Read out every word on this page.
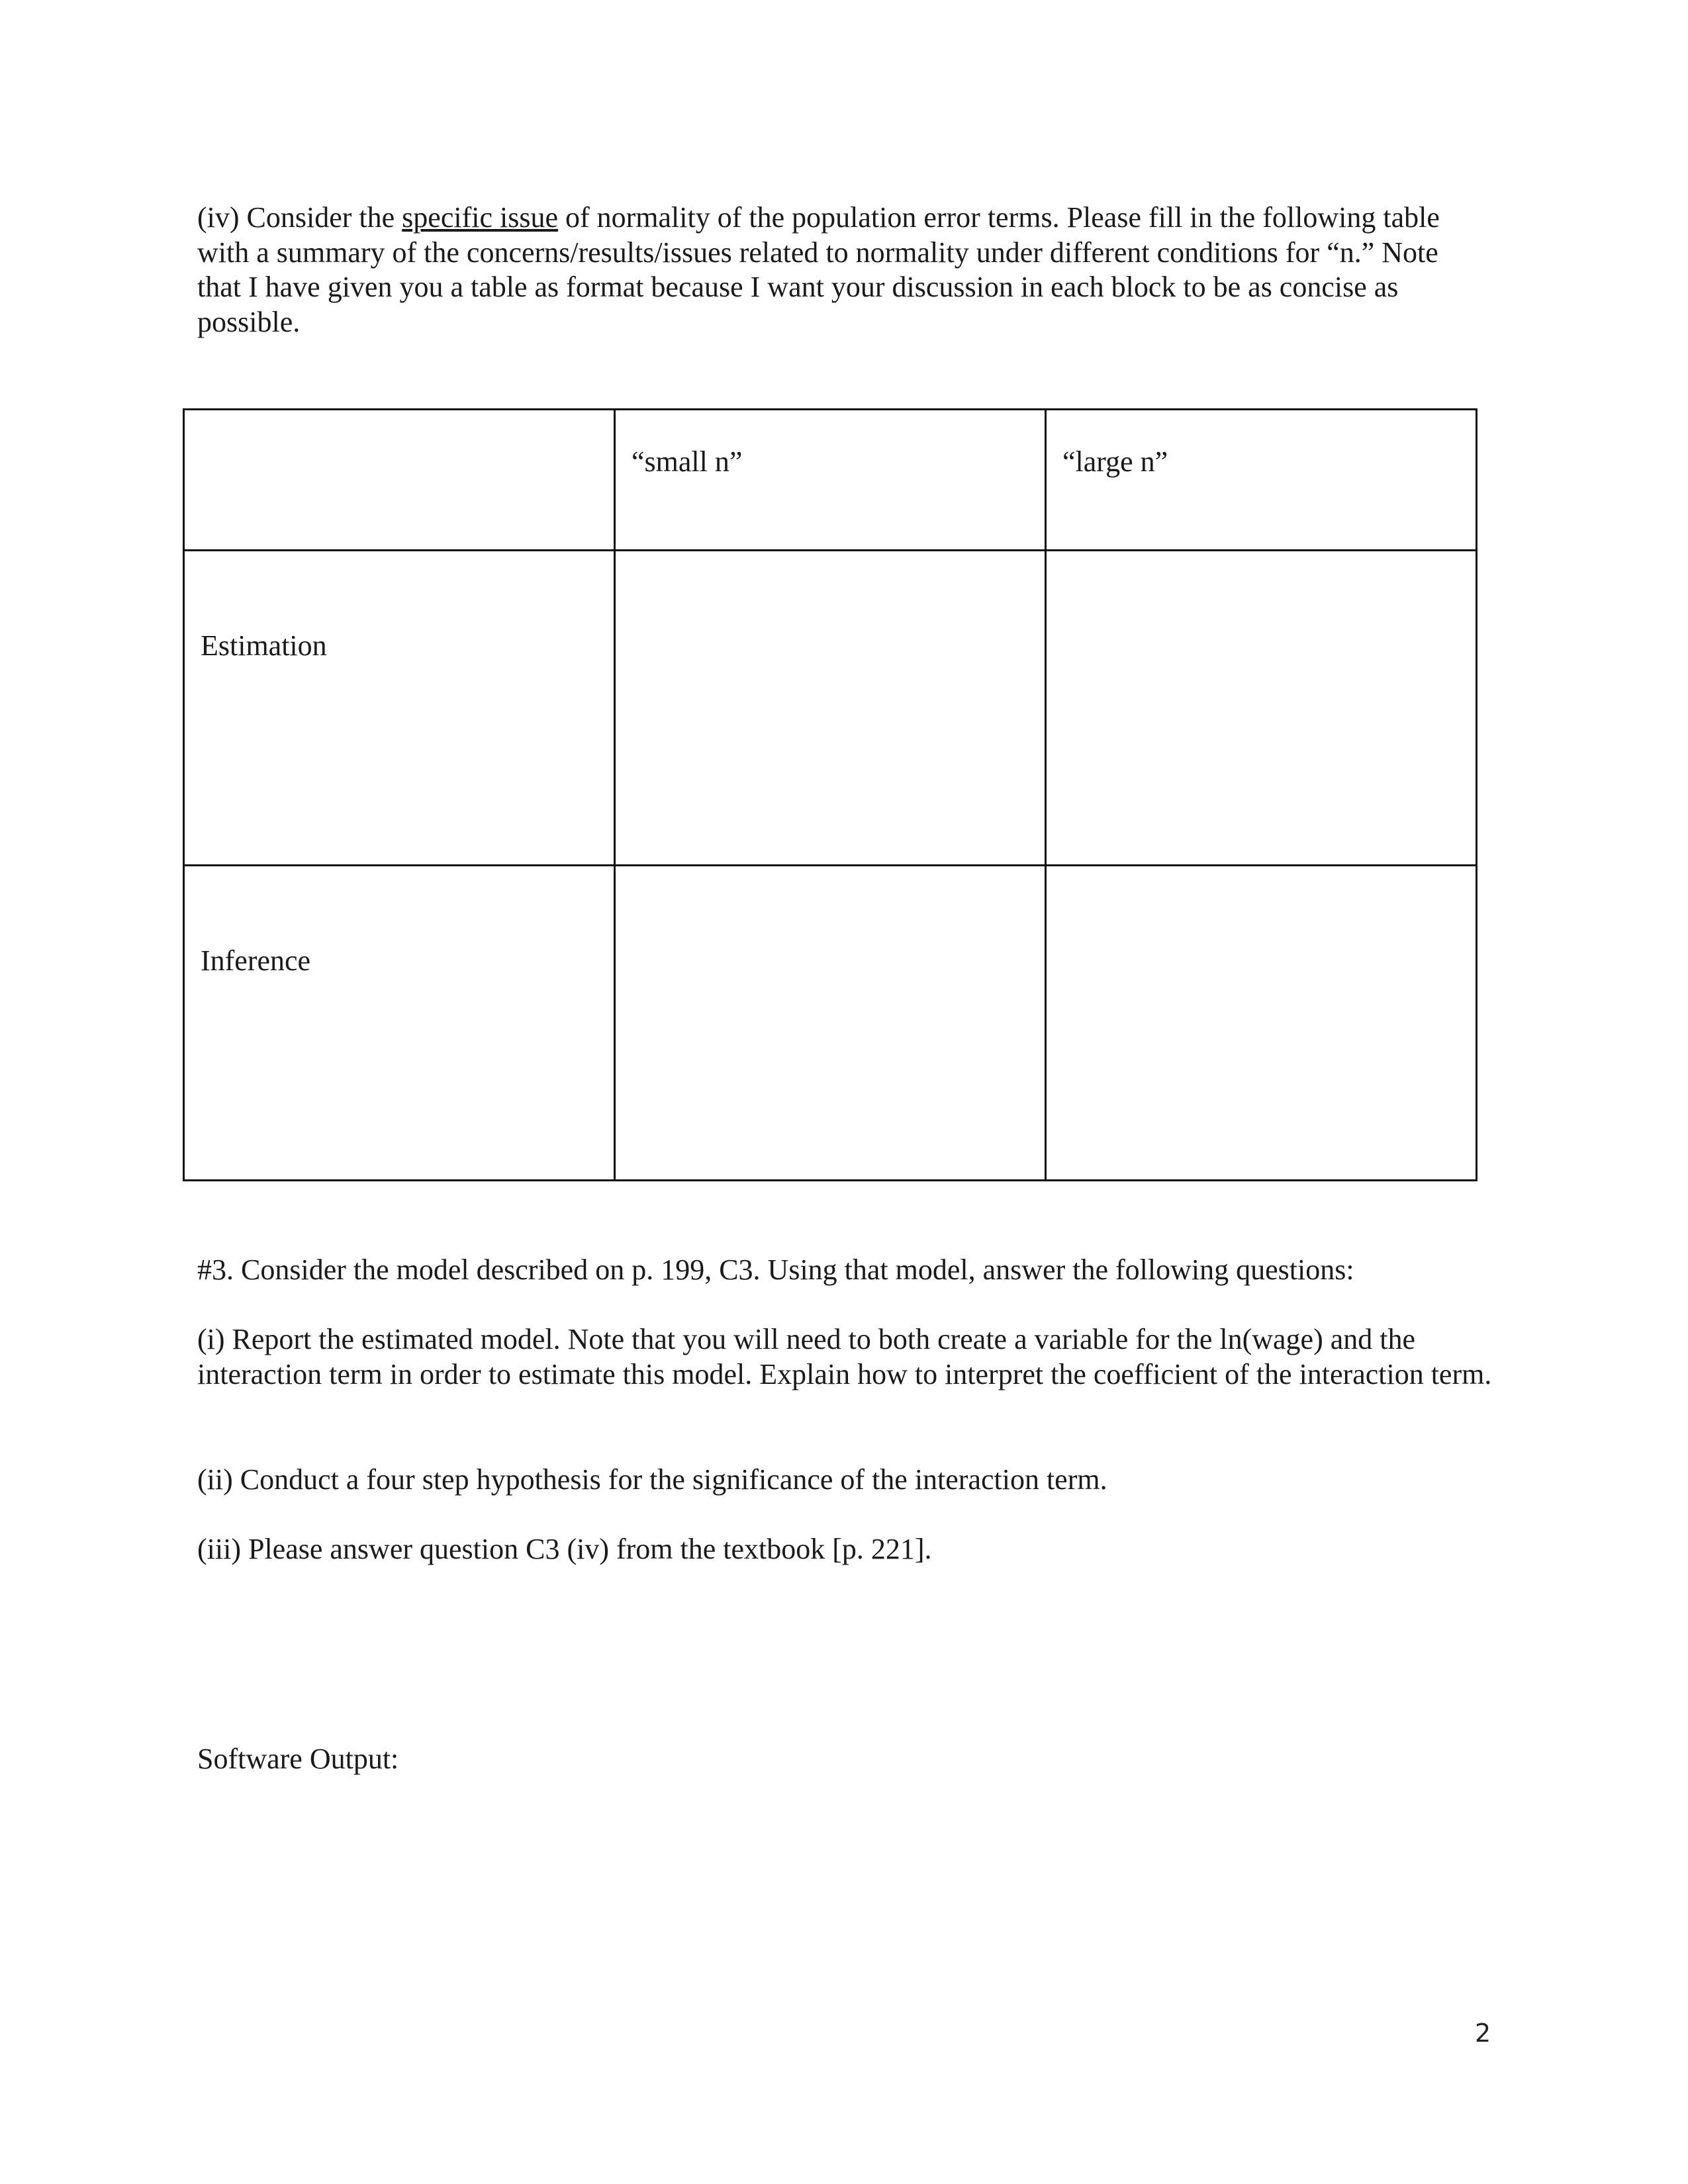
(iv) Consider the specific issue of normality of the population error terms. Please fill in the following table with a summary of the concerns/results/issues related to normality under different conditions for “n.” Note that I have given you a table as format because I want your discussion in each block to be as concise as possible.

	“small n”	“large n”

Estimation		

Inference		

#3. Consider the model described on p. 199, C3. Using that model, answer the following questions:

(i) Report the estimated model. Note that you will need to both create a variable for the ln(wage) and the interaction term in order to estimate this model. Explain how to interpret the coefficient of the interaction term.

(ii) Conduct a four step hypothesis for the significance of the interaction term.

(iii) Please answer question C3 (iv) from the textbook [p. 221].

Software Output:

2
